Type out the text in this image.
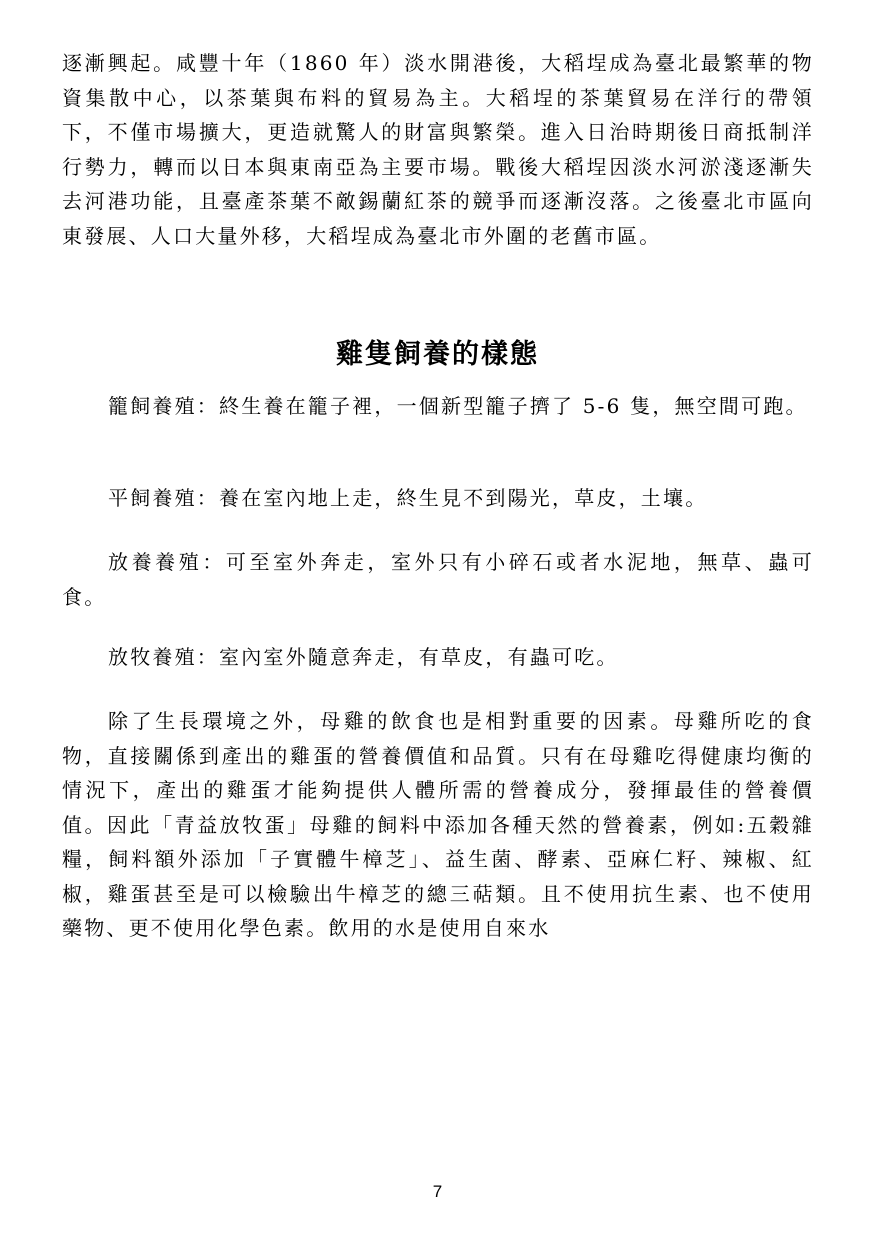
逐漸興起。咸豐十年（1860 年）淡水開港後，大稻埕成為臺北最繁華的物資集散中心，以茶葉與布料的貿易為主。大稻埕的茶葉貿易在洋行的帶領下，不僅市場擴大，更造就驚人的財富與繁榮。進入日治時期後日商抵制洋行勢力，轉而以日本與東南亞為主要市場。戰後大稻埕因淡水河淤淺逐漸失去河港功能，且臺產茶葉不敵錫蘭紅茶的競爭而逐漸沒落。之後臺北市區向東發展、人口大量外移，大稻埕成為臺北市外圍的老舊市區。

雞隻飼養的樣態

籠飼養殖：終生養在籠子裡，一個新型籠子擠了 5-6 隻，無空間可跑。

平飼養殖：養在室內地上走，終生見不到陽光，草皮，土壤。

放養養殖：可至室外奔走，室外只有小碎石或者水泥地，無草、蟲可食。

放牧養殖：室內室外隨意奔走，有草皮，有蟲可吃。

除了生長環境之外，母雞的飲食也是相對重要的因素。母雞所吃的食物，直接關係到產出的雞蛋的營養價值和品質。只有在母雞吃得健康均衡的情況下，產出的雞蛋才能夠提供人體所需的營養成分，發揮最佳的營養價值。因此「青益放牧蛋」母雞的飼料中添加各種天然的營養素，例如:五穀雜糧，飼料額外添加「子實體牛樟芝」、益生菌、酵素、亞麻仁籽、辣椒、紅椒，雞蛋甚至是可以檢驗出牛樟芝的總三萜類。且不使用抗生素、也不使用藥物、更不使用化學色素。飲用的水是使用自來水

7
